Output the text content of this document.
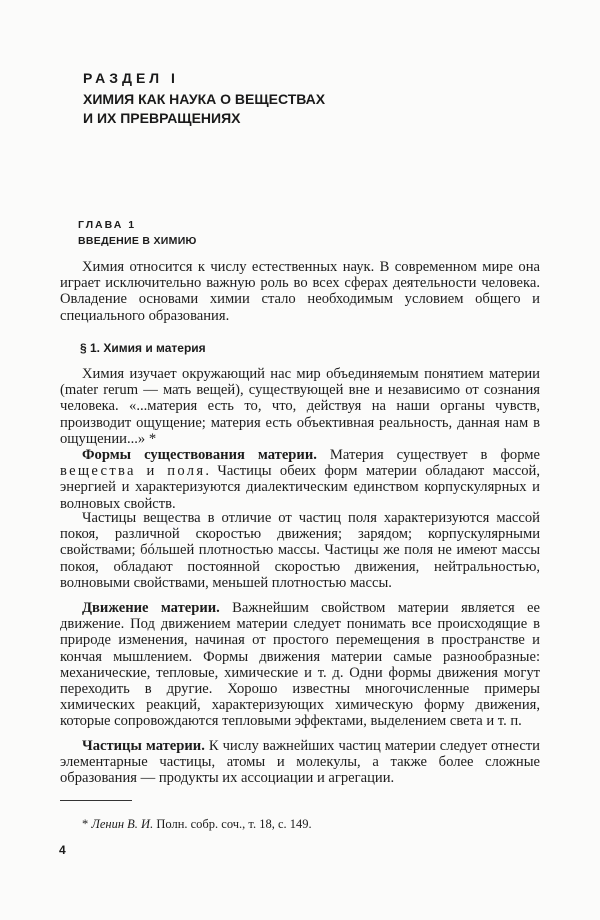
РАЗДЕЛ I
ХИМИЯ КАК НАУКА О ВЕЩЕСТВАХ
И ИХ ПРЕВРАЩЕНИЯХ
ГЛАВА 1
ВВЕДЕНИЕ В ХИМИЮ
Химия относится к числу естественных наук. В современном мире она играет исключительно важную роль во всех сферах деятельности человека. Овладение основами химии стало необходимым условием общего и специального образования.
§ 1. Химия и материя
Химия изучает окружающий нас мир объединяемым понятием материи (mater rerum — мать вещей), существующей вне и независимо от сознания человека. «...материя есть то, что, действуя на наши органы чувств, производит ощущение; материя есть объективная реальность, данная нам в ощущении...» *
Формы существования материи. Материя существует в форме вещества и поля. Частицы обеих форм материи обладают массой, энергией и характеризуются диалектическим единством корпускулярных и волновых свойств.
Частицы вещества в отличие от частиц поля характеризуются массой покоя, различной скоростью движения; зарядом; корпускулярными свойствами; бóльшей плотностью массы. Частицы же поля не имеют массы покоя, обладают постоянной скоростью движения, нейтральностью, волновыми свойствами, меньшей плотностью массы.
Движение материи. Важнейшим свойством материи является ее движение. Под движением материи следует понимать все происходящие в природе изменения, начиная от простого перемещения в пространстве и кончая мышлением. Формы движения материи самые разнообразные: механические, тепловые, химические и т. д. Одни формы движения могут переходить в другие. Хорошо известны многочисленные примеры химических реакций, характеризующих химическую форму движения, которые сопровождаются тепловыми эффектами, выделением света и т. п.
Частицы материи. К числу важнейших частиц материи следует отнести элементарные частицы, атомы и молекулы, а также более сложные образования — продукты их ассоциации и агрегации.
* Ленин В. И. Полн. собр. соч., т. 18, с. 149.
4
